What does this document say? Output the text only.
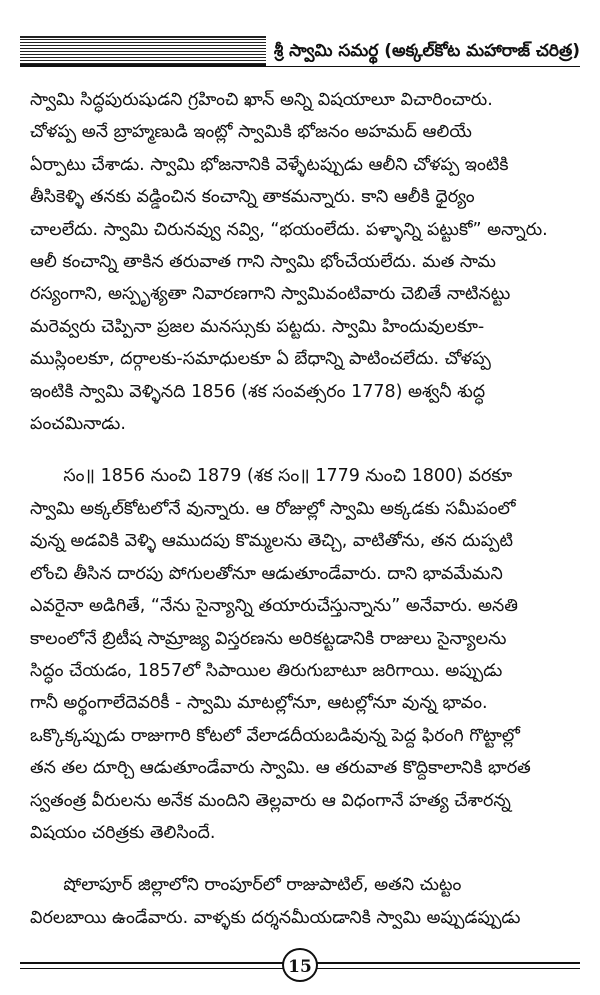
శ్రీ స్వామి సమర్థ (అక్కల్‌కోట మహారాజ్ చరిత్ర)

స్వామి సిద్ధపురుషుడని గ్రహించి ఖాన్ అన్ని విషయాలూ విచారించారు.
చోళప్ప అనే బ్రాహ్మణుడి ఇంట్లో స్వామికి భోజనం అహమద్ ఆలియే
ఏర్పాటు చేశాడు. స్వామి భోజనానికి వెళ్ళేటప్పుడు ఆలీని చోళప్ప ఇంటికి
తీసికెళ్ళి తనకు వడ్డించిన కంచాన్ని తాకమన్నారు. కాని ఆలీకి ధైర్యం
చాలలేదు. స్వామి చిరునవ్వు నవ్వి, “భయంలేదు. పళ్ళాన్ని పట్టుకో” అన్నారు.
ఆలీ కంచాన్ని తాకిన తరువాత గాని స్వామి భోంచేయలేదు. మత సామ
రస్యంగాని, అస్పృశ్యతా నివారణగాని స్వామివంటివారు చెబితే నాటినట్టు
మరెవ్వరు చెప్పినా ప్రజల మనస్సుకు పట్టదు. స్వామి హిందువులకూ-
ముస్లింలకూ, దర్గాలకు-సమాధులకూ ఏ బేధాన్ని పాటించలేదు. చోళప్ప
ఇంటికి స్వామి వెళ్ళినది 1856 (శక సంవత్సరం 1778) అశ్వనీ శుద్ధ
పంచమినాడు.

సం॥ 1856 నుంచి 1879 (శక సం॥ 1779 నుంచి 1800) వరకూ
స్వామి అక్కల్‌కోటలోనే వున్నారు. ఆ రోజుల్లో స్వామి అక్కడకు సమీపంలో
వున్న అడవికి వెళ్ళి ఆముదపు కొమ్మలను తెచ్చి, వాటితోను, తన దుప్పటి
లోంచి తీసిన దారపు పోగులతోనూ ఆడుతూండేవారు. దాని భావమేమని
ఎవరైనా అడిగితే, “నేను సైన్యాన్ని తయారుచేస్తున్నాను” అనేవారు. అనతి
కాలంలోనే బ్రిటీష సామ్రాజ్య విస్తరణను అరికట్టడానికి రాజులు సైన్యాలను
సిద్ధం చేయడం, 1857లో సిపాయిల తిరుగుబాటూ జరిగాయి. అప్పుడు
గానీ అర్థంగాలేదెవరికీ - స్వామి మాటల్లోనూ, ఆటల్లోనూ వున్న భావం.
ఒక్కొక్కప్పుడు రాజుగారి కోటలో వేలాడదీయబడివున్న పెద్ద ఫిరంగి గొట్టాల్లో
తన తల దూర్చి ఆడుతూండేవారు స్వామి. ఆ తరువాత కొద్దికాలానికి భారత
స్వతంత్ర వీరులను అనేక మందిని తెల్లవారు ఆ విధంగానే హత్య చేశారన్న
విషయం చరిత్రకు తెలిసిందే.

షోలాపూర్ జిల్లాలోని రాంపూర్‌లో రాజుపాటిల్, అతని చుట్టం
విరలబాయి ఉండేవారు. వాళ్ళకు దర్శనమీయడానికి స్వామి అప్పుడప్పుడు

15
